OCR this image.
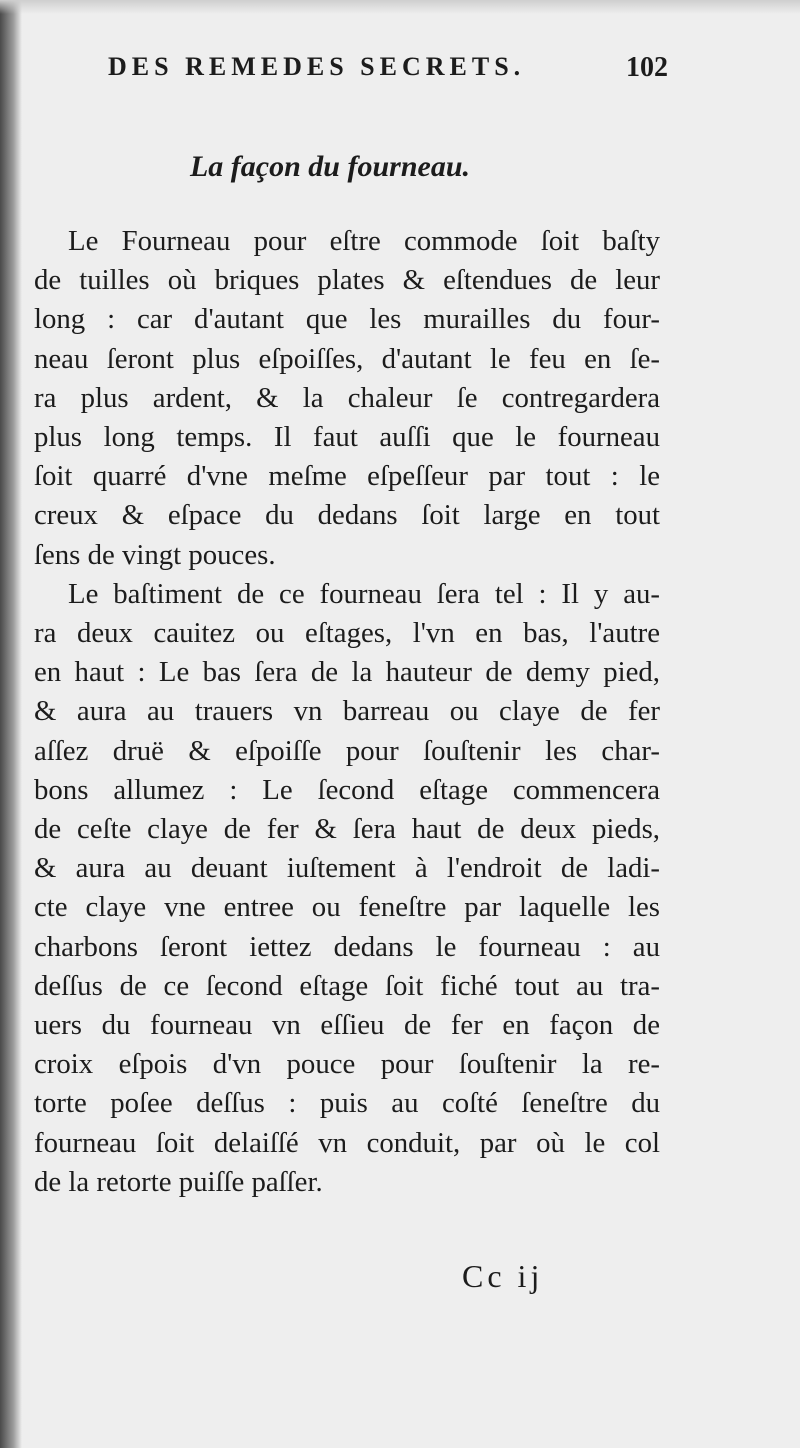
DES REMEDES SECRETS.	102
La façon du fourneau.
Le Fourneau pour eſtre commode ſoit baſty
de tuilles où briques plates & eſtendues de leur
long : car d'autant que les murailles du four-
neau ſeront plus eſpoiſſes, d'autant le feu en ſe-
ra plus ardent, & la chaleur ſe contregardera
plus long temps. Il faut auſſi que le fourneau
ſoit quarré d'vne meſme eſpeſſeur par tout : le
creux & eſpace du dedans ſoit large en tout
ſens de vingt pouces.
Le baſtiment de ce fourneau ſera tel : Il y au-
ra deux cauitez ou eſtages, l'vn en bas, l'autre
en haut : Le bas ſera de la hauteur de demy pied,
& aura au trauers vn barreau ou claye de fer
aſſez druë & eſpoiſſe pour ſouſtenir les char-
bons allumez : Le ſecond eſtage commencera
de ceſte claye de fer & ſera haut de deux pieds,
& aura au deuant iuſtement à l'endroit de ladi-
cte claye vne entree ou feneſtre par laquelle les
charbons ſeront iettez dedans le fourneau : au
deſſus de ce ſecond eſtage ſoit fiché tout au tra-
uers du fourneau vn eſſieu de fer en façon de
croix eſpois d'vn pouce pour ſouſtenir la re-
torte poſee deſſus : puis au coſté ſeneſtre du
fourneau ſoit delaiſſé vn conduit, par où le col
de la retorte puiſſe paſſer.
Cc ij
